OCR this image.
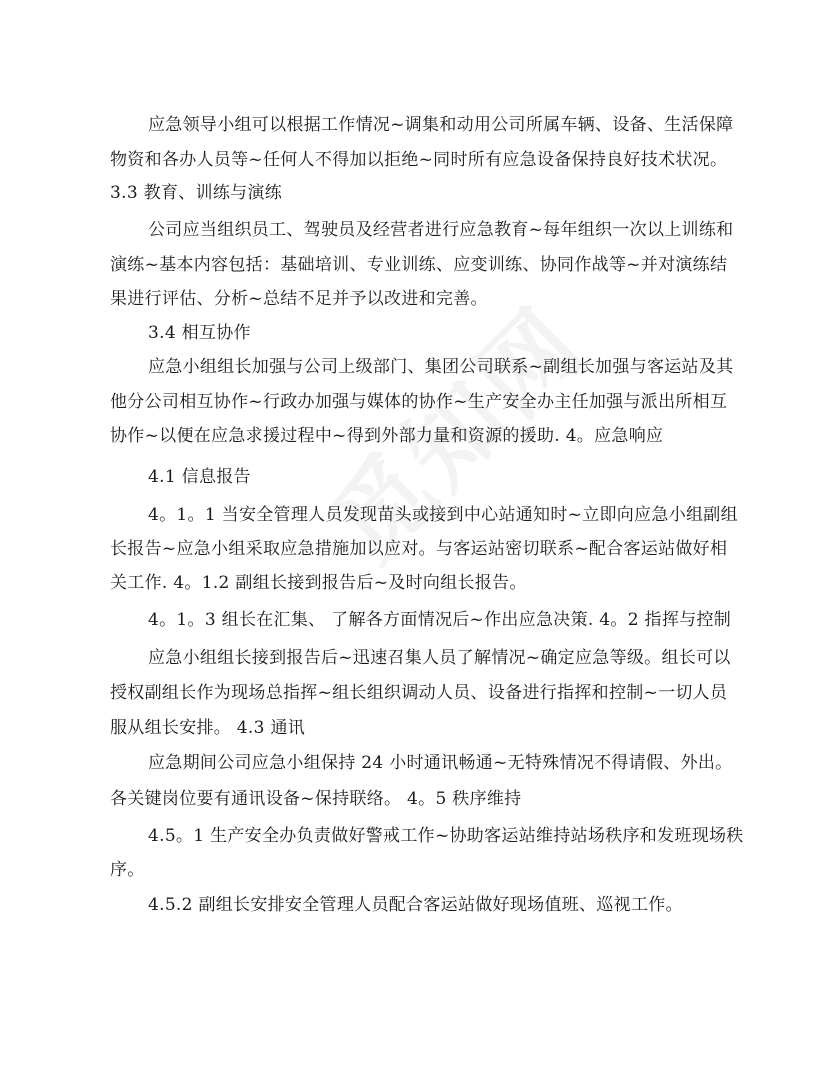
应急领导小组可以根据工作情况~调集和动用公司所属车辆、设备、生活保障

物资和各办人员等~任何人不得加以拒绝~同时所有应急设备保持良好技术状况。

3.3 教育、训练与演练

公司应当组织员工、驾驶员及经营者进行应急教育~每年组织一次以上训练和

演练~基本内容包括：基础培训、专业训练、应变训练、协同作战等~并对演练结

果进行评估、分析~总结不足并予以改进和完善。

3.4 相互协作

应急小组组长加强与公司上级部门、集团公司联系~副组长加强与客运站及其

他分公司相互协作~行政办加强与媒体的协作~生产安全办主任加强与派出所相互

协作~以便在应急求援过程中~得到外部力量和资源的援助. 4。应急响应

4.1 信息报告

4。1。1 当安全管理人员发现苗头或接到中心站通知时~立即向应急小组副组

长报告~应急小组采取应急措施加以应对。与客运站密切联系~配合客运站做好相

关工作. 4。1.2 副组长接到报告后~及时向组长报告。

4。1。3 组长在汇集、 了解各方面情况后~作出应急决策. 4。2 指挥与控制

应急小组组长接到报告后~迅速召集人员了解情况~确定应急等级。组长可以

授权副组长作为现场总指挥~组长组织调动人员、设备进行指挥和控制~一切人员

服从组长安排。 4.3 通讯

应急期间公司应急小组保持 24 小时通讯畅通~无特殊情况不得请假、外出。

各关键岗位要有通讯设备~保持联络。 4。5 秩序维持

4.5。1 生产安全办负责做好警戒工作~协助客运站维持站场秩序和发班现场秩

序。

4.5.2 副组长安排安全管理人员配合客运站做好现场值班、巡视工作。
